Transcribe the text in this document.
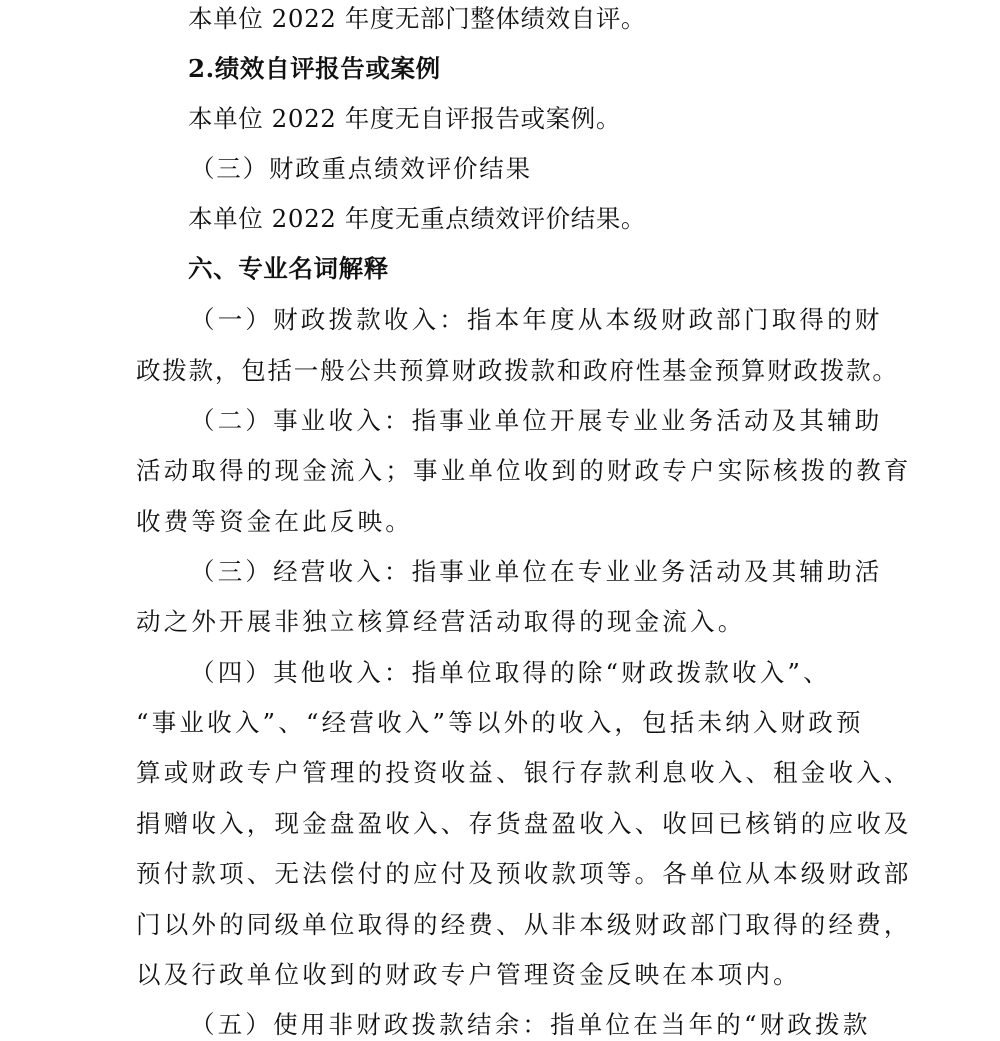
本单位 2022 年度无部门整体绩效自评。
2.绩效自评报告或案例
本单位 2022 年度无自评报告或案例。
（三）财政重点绩效评价结果
本单位 2022 年度无重点绩效评价结果。
六、专业名词解释
（一）财政拨款收入：指本年度从本级财政部门取得的财
政拨款，包括一般公共预算财政拨款和政府性基金预算财政拨款。
（二）事业收入：指事业单位开展专业业务活动及其辅助
活动取得的现金流入；事业单位收到的财政专户实际核拨的教育
收费等资金在此反映。
（三）经营收入：指事业单位在专业业务活动及其辅助活
动之外开展非独立核算经营活动取得的现金流入。
（四）其他收入：指单位取得的除“财政拨款收入”、
“事业收入”、“经营收入”等以外的收入，包括未纳入财政预
算或财政专户管理的投资收益、银行存款利息收入、租金收入、
捐赠收入，现金盘盈收入、存货盘盈收入、收回已核销的应收及
预付款项、无法偿付的应付及预收款项等。各单位从本级财政部
门以外的同级单位取得的经费、从非本级财政部门取得的经费，
以及行政单位收到的财政专户管理资金反映在本项内。
（五）使用非财政拨款结余：指单位在当年的“财政拨款
